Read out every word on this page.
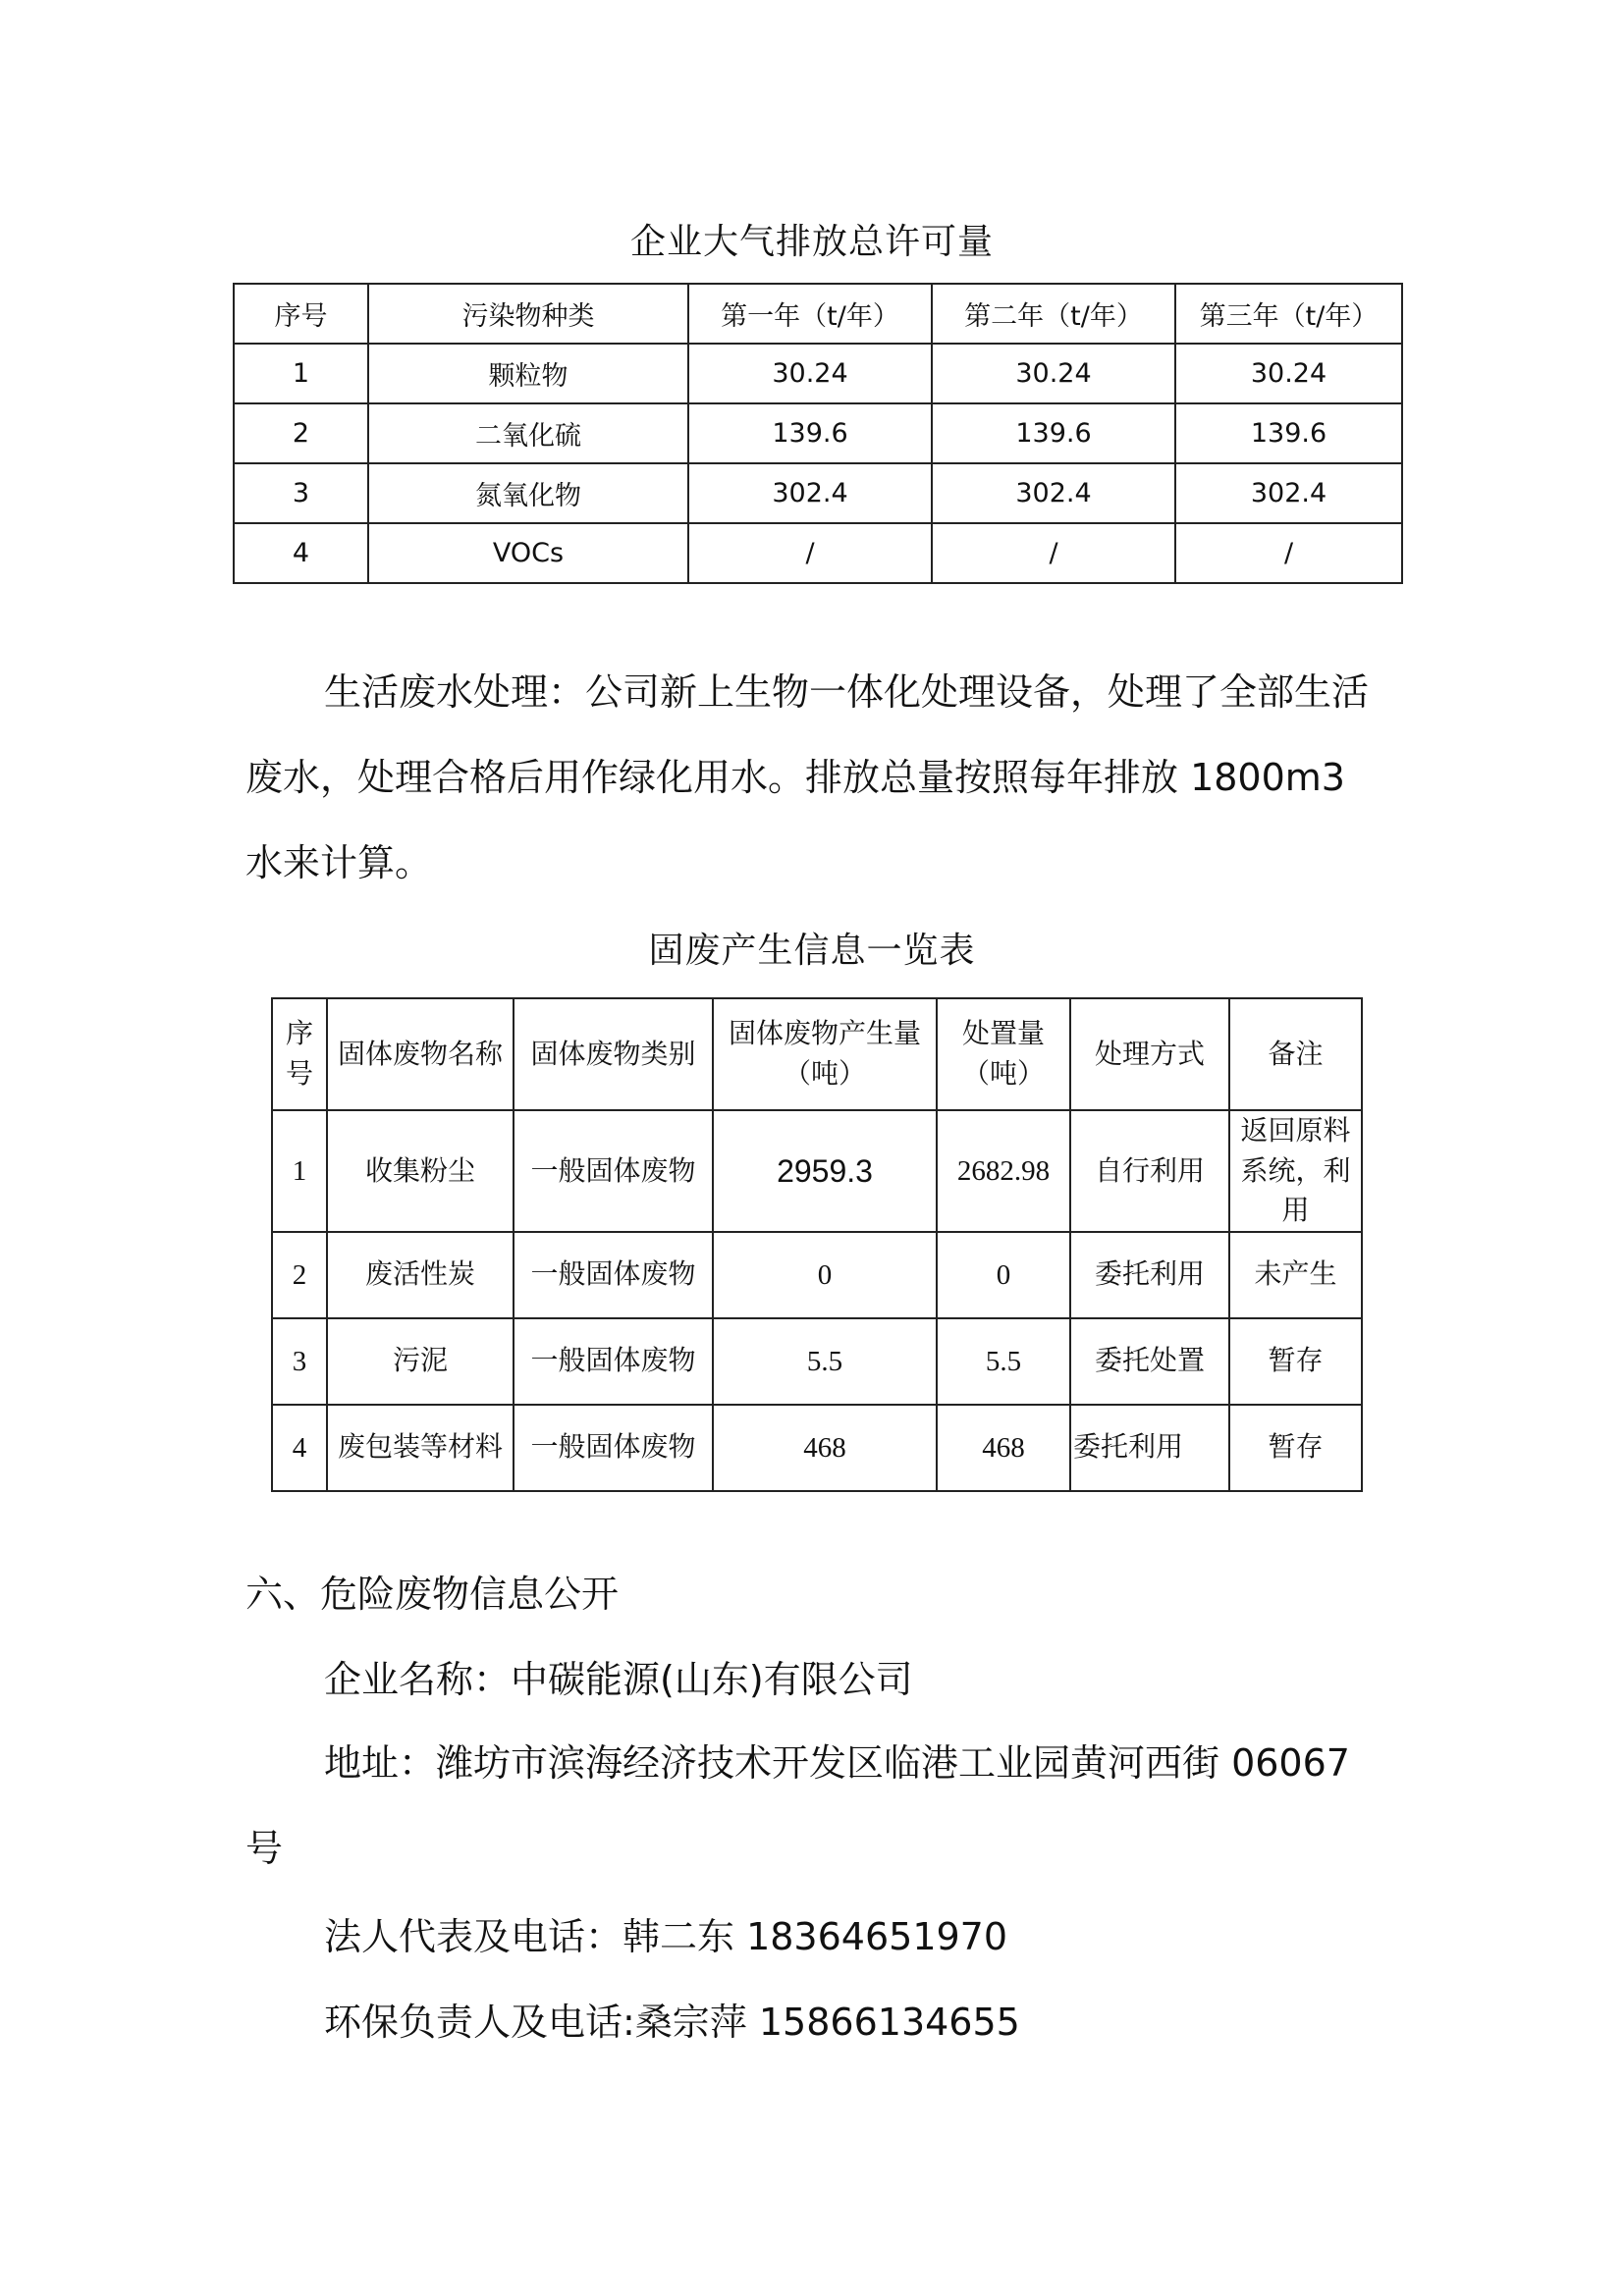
企业大气排放总许可量
序号	污染物种类	第一年（t/年）	第二年（t/年）	第三年（t/年）
1	颗粒物	30.24	30.24	30.24
2	二氧化硫	139.6	139.6	139.6
3	氮氧化物	302.4	302.4	302.4
4	VOCs	/	/	/
生活废水处理：公司新上生物一体化处理设备，处理了全部生活废水，处理合格后用作绿化用水。排放总量按照每年排放 1800m3 水来计算。
固废产生信息一览表
序号	固体废物名称	固体废物类别	固体废物产生量（吨）	处置量（吨）	处理方式	备注
1	收集粉尘	一般固体废物	2959.3	2682.98	自行利用	返回原料系统，利用
2	废活性炭	一般固体废物	0	0	委托利用	未产生
3	污泥	一般固体废物	5.5	5.5	委托处置	暂存
4	废包装等材料	一般固体废物	468	468	委托利用	暂存
六、危险废物信息公开
企业名称：中碳能源(山东)有限公司
地址：潍坊市滨海经济技术开发区临港工业园黄河西街 06067 号
法人代表及电话：韩二东 18364651970
环保负责人及电话:桑宗萍 15866134655
